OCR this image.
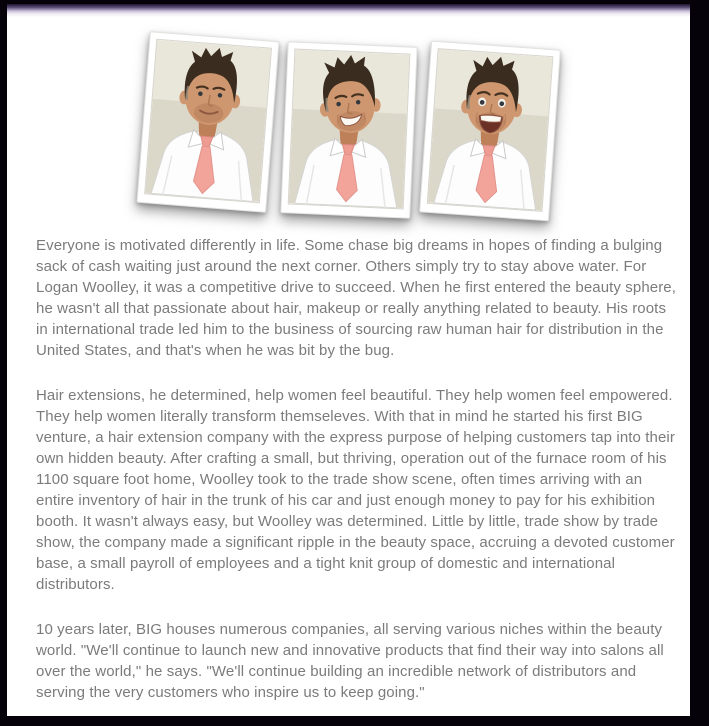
Everyone is motivated differently in life. Some chase big dreams in hopes of finding a bulging sack of cash waiting just around the next corner. Others simply try to stay above water. For Logan Woolley, it was a competitive drive to succeed. When he first entered the beauty sphere, he wasn't all that passionate about hair, makeup or really anything related to beauty. His roots in international trade led him to the business of sourcing raw human hair for distribution in the United States, and that's when he was bit by the bug.

Hair extensions, he determined, help women feel beautiful. They help women feel empowered. They help women literally transform themseleves. With that in mind he started his first BIG venture, a hair extension company with the express purpose of helping customers tap into their own hidden beauty. After crafting a small, but thriving, operation out of the furnace room of his 1100 square foot home, Woolley took to the trade show scene, often times arriving with an entire inventory of hair in the trunk of his car and just enough money to pay for his exhibition booth. It wasn't always easy, but Woolley was determined. Little by little, trade show by trade show, the company made a significant ripple in the beauty space, accruing a devoted customer base, a small payroll of employees and a tight knit group of domestic and international distributors.

10 years later, BIG houses numerous companies, all serving various niches within the beauty world. "We'll continue to launch new and innovative products that find their way into salons all over the world," he says. "We'll continue building an incredible network of distributors and serving the very customers who inspire us to keep going."
